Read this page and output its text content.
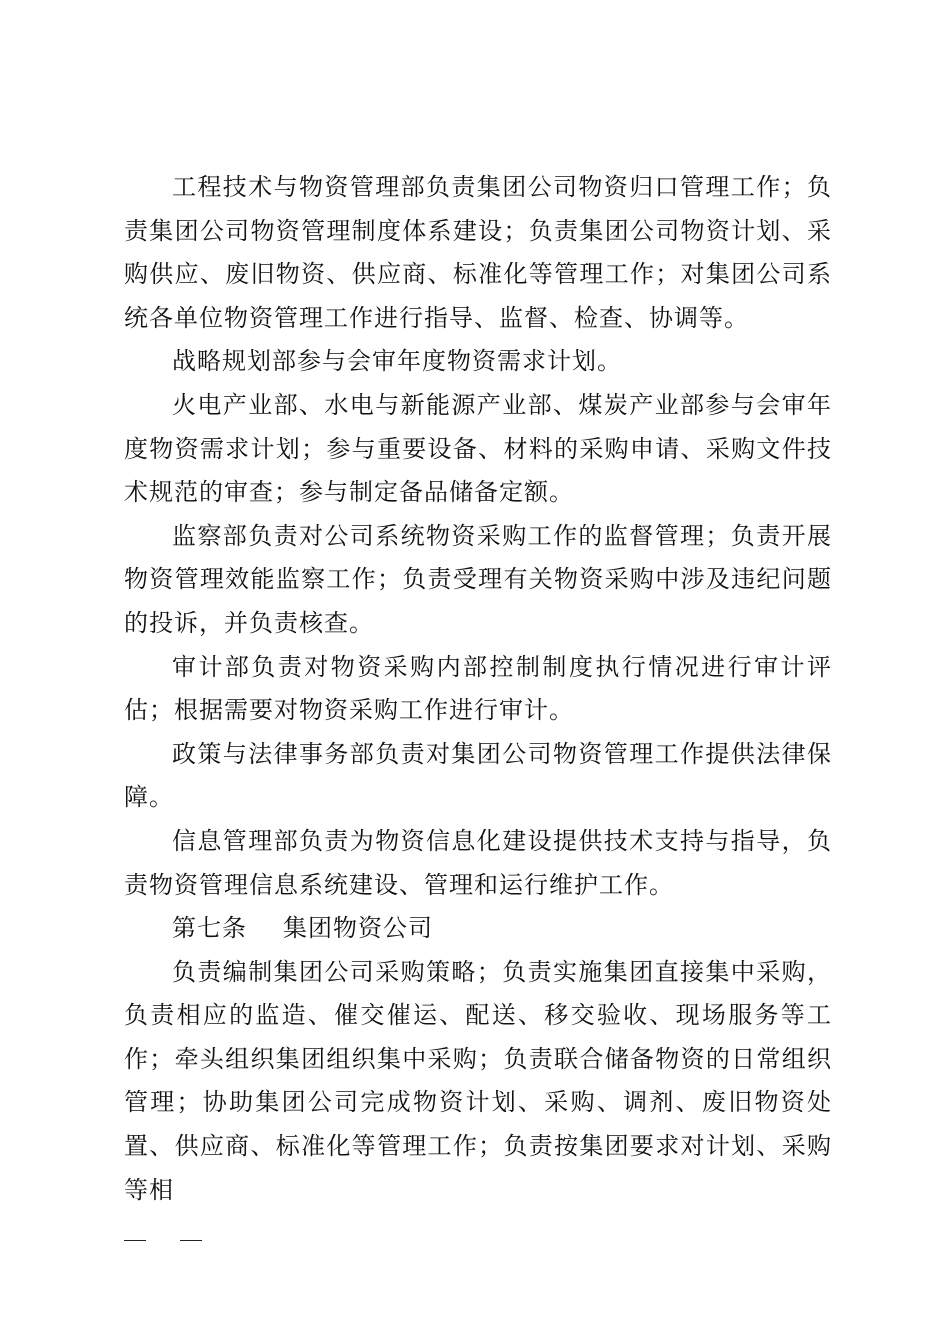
工程技术与物资管理部负责集团公司物资归口管理工作；负责集团公司物资管理制度体系建设；负责集团公司物资计划、采购供应、废旧物资、供应商、标准化等管理工作；对集团公司系统各单位物资管理工作进行指导、监督、检查、协调等。

战略规划部参与会审年度物资需求计划。

火电产业部、水电与新能源产业部、煤炭产业部参与会审年度物资需求计划；参与重要设备、材料的采购申请、采购文件技术规范的审查；参与制定备品储备定额。

监察部负责对公司系统物资采购工作的监督管理；负责开展物资管理效能监察工作；负责受理有关物资采购中涉及违纪问题的投诉，并负责核查。

审计部负责对物资采购内部控制制度执行情况进行审计评估；根据需要对物资采购工作进行审计。

政策与法律事务部负责对集团公司物资管理工作提供法律保障。

信息管理部负责为物资信息化建设提供技术支持与指导，负责物资管理信息系统建设、管理和运行维护工作。

第七条 集团物资公司

负责编制集团公司采购策略；负责实施集团直接集中采购，负责相应的监造、催交催运、配送、移交验收、现场服务等工作；牵头组织集团组织集中采购；负责联合储备物资的日常组织管理；协助集团公司完成物资计划、采购、调剂、废旧物资处置、供应商、标准化等管理工作；负责按集团要求对计划、采购等相
